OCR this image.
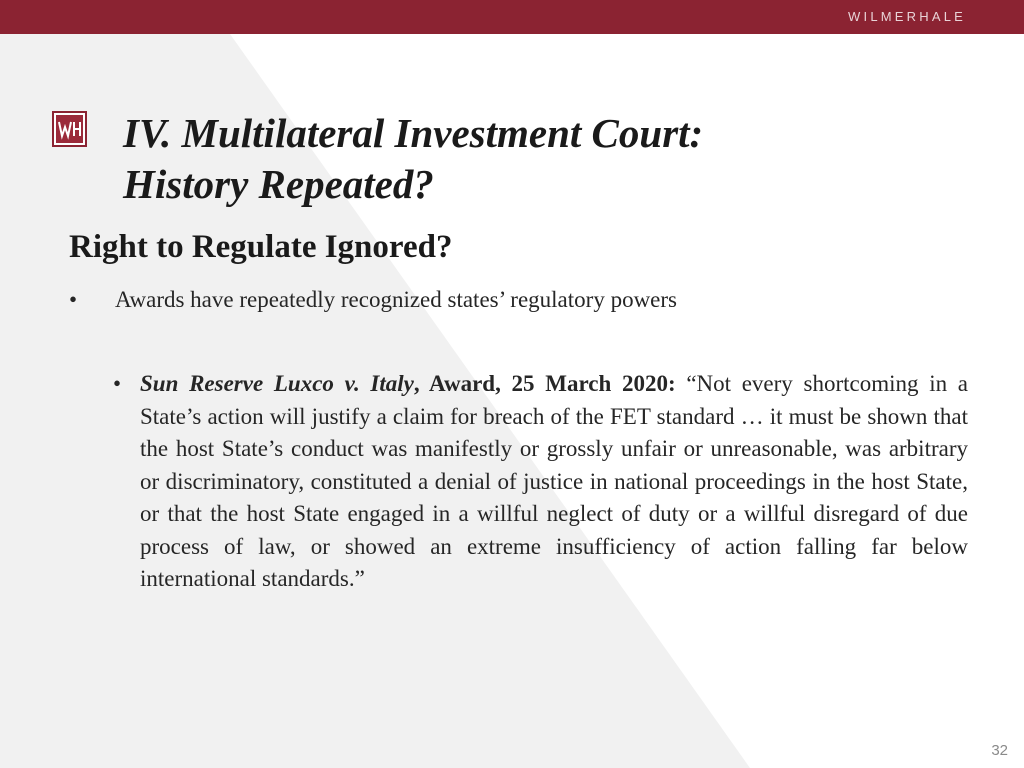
WILMERHALE
IV. Multilateral Investment Court:
History Repeated?
Right to Regulate Ignored?
• Awards have repeatedly recognized states’ regulatory powers
• Sun Reserve Luxco v. Italy, Award, 25 March 2020: “Not every shortcoming in a State’s action will justify a claim for breach of the FET standard … it must be shown that the host State’s conduct was manifestly or grossly unfair or unreasonable, was arbitrary or discriminatory, constituted a denial of justice in national proceedings in the host State, or that the host State engaged in a willful neglect of duty or a willful disregard of due process of law, or showed an extreme insufficiency of action falling far below international standards.”
32
